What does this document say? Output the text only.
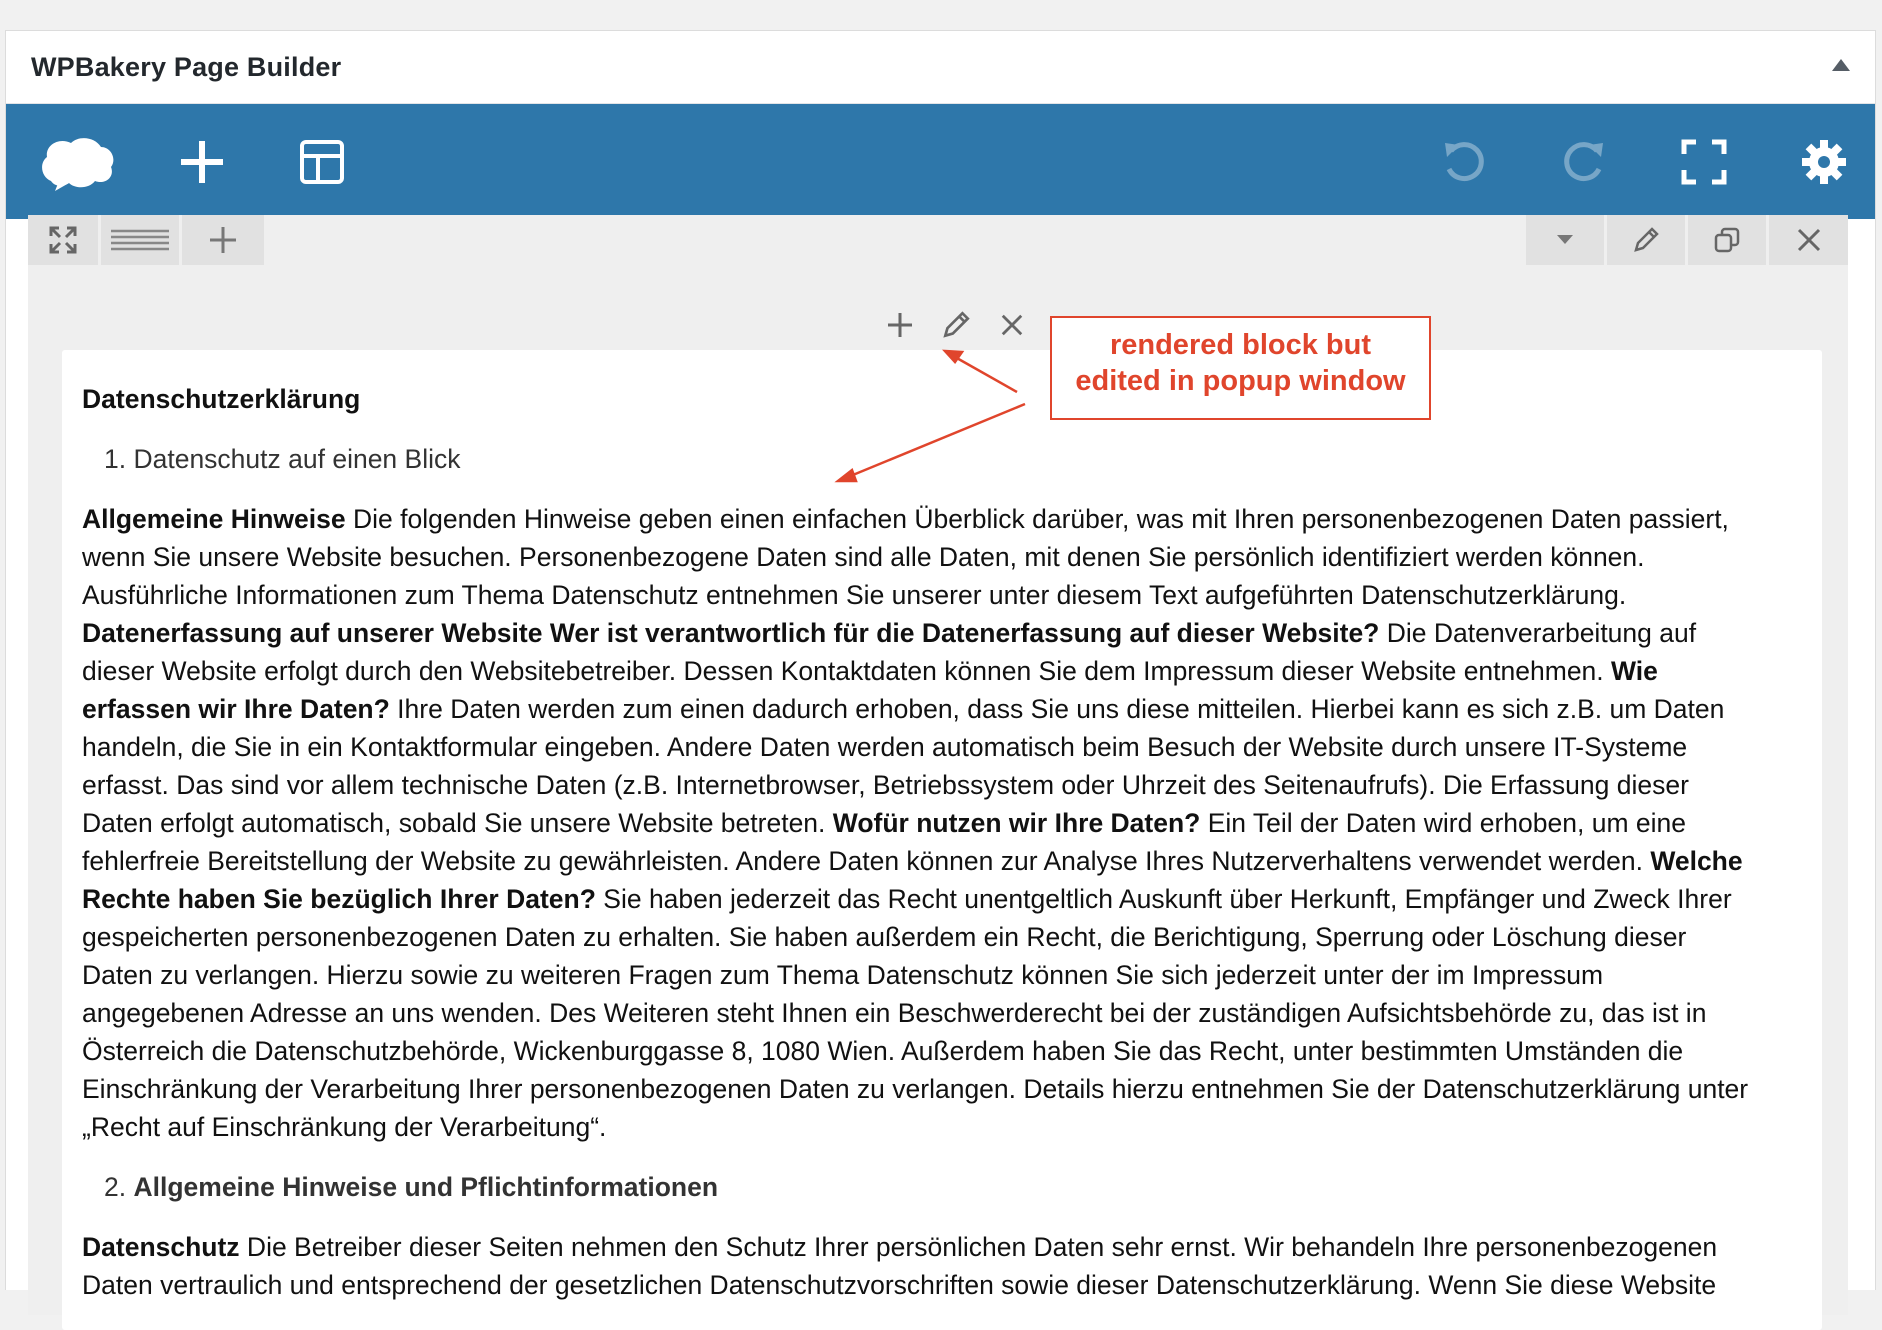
WPBakery Page Builder
Datenschutzerklärung
1. Datenschutz auf einen Blick
Allgemeine Hinweise Die folgenden Hinweise geben einen einfachen Überblick darüber, was mit Ihren personenbezogenen Daten passiert,
wenn Sie unsere Website besuchen. Personenbezogene Daten sind alle Daten, mit denen Sie persönlich identifiziert werden können.
Ausführliche Informationen zum Thema Datenschutz entnehmen Sie unserer unter diesem Text aufgeführten Datenschutzerklärung.
Datenerfassung auf unserer Website Wer ist verantwortlich für die Datenerfassung auf dieser Website? Die Datenverarbeitung auf
dieser Website erfolgt durch den Websitebetreiber. Dessen Kontaktdaten können Sie dem Impressum dieser Website entnehmen. Wie
erfassen wir Ihre Daten? Ihre Daten werden zum einen dadurch erhoben, dass Sie uns diese mitteilen. Hierbei kann es sich z.B. um Daten
handeln, die Sie in ein Kontaktformular eingeben. Andere Daten werden automatisch beim Besuch der Website durch unsere IT-Systeme
erfasst. Das sind vor allem technische Daten (z.B. Internetbrowser, Betriebssystem oder Uhrzeit des Seitenaufrufs). Die Erfassung dieser
Daten erfolgt automatisch, sobald Sie unsere Website betreten. Wofür nutzen wir Ihre Daten? Ein Teil der Daten wird erhoben, um eine
fehlerfreie Bereitstellung der Website zu gewährleisten. Andere Daten können zur Analyse Ihres Nutzerverhaltens verwendet werden. Welche
Rechte haben Sie bezüglich Ihrer Daten? Sie haben jederzeit das Recht unentgeltlich Auskunft über Herkunft, Empfänger und Zweck Ihrer
gespeicherten personenbezogenen Daten zu erhalten. Sie haben außerdem ein Recht, die Berichtigung, Sperrung oder Löschung dieser
Daten zu verlangen. Hierzu sowie zu weiteren Fragen zum Thema Datenschutz können Sie sich jederzeit unter der im Impressum
angegebenen Adresse an uns wenden. Des Weiteren steht Ihnen ein Beschwerderecht bei der zuständigen Aufsichtsbehörde zu, das ist in
Österreich die Datenschutzbehörde, Wickenburggasse 8, 1080 Wien. Außerdem haben Sie das Recht, unter bestimmten Umständen die
Einschränkung der Verarbeitung Ihrer personenbezogenen Daten zu verlangen. Details hierzu entnehmen Sie der Datenschutzerklärung unter
„Recht auf Einschränkung der Verarbeitung“.
2. Allgemeine Hinweise und Pflichtinformationen
Datenschutz Die Betreiber dieser Seiten nehmen den Schutz Ihrer persönlichen Daten sehr ernst. Wir behandeln Ihre personenbezogenen
Daten vertraulich und entsprechend der gesetzlichen Datenschutzvorschriften sowie dieser Datenschutzerklärung. Wenn Sie diese Website
rendered block but
edited in popup window
